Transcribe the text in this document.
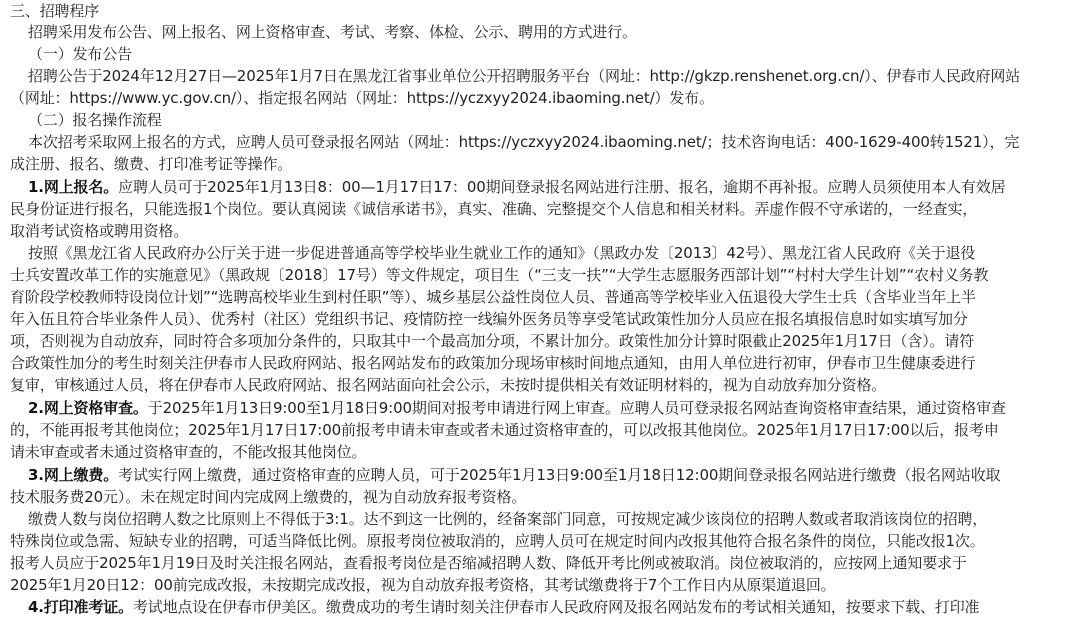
三、招聘程序
招聘采用发布公告、网上报名、网上资格审查、考试、考察、体检、公示、聘用的方式进行。
（一）发布公告
招聘公告于2024年12月27日—2025年1月7日在黑龙江省事业单位公开招聘服务平台（网址：http://gkzp.renshenet.org.cn/）、伊春市人民政府网站
（网址：https://www.yc.gov.cn/）、指定报名网站（网址：https://yczxyy2024.ibaoming.net/）发布。
（二）报名操作流程
本次招考采取网上报名的方式，应聘人员可登录报名网站（网址：https://yczxyy2024.ibaoming.net/；技术咨询电话：400-1629-400转1521），完
成注册、报名、缴费、打印准考证等操作。
1.网上报名。应聘人员可于2025年1月13日8：00—1月17日17：00期间登录报名网站进行注册、报名，逾期不再补报。应聘人员须使用本人有效居
民身份证进行报名，只能选报1个岗位。要认真阅读《诚信承诺书》，真实、准确、完整提交个人信息和相关材料。弄虚作假不守承诺的，一经查实，
取消考试资格或聘用资格。
按照《黑龙江省人民政府办公厅关于进一步促进普通高等学校毕业生就业工作的通知》（黑政办发〔2013〕42号）、黑龙江省人民政府《关于退役
士兵安置改革工作的实施意见》（黑政规〔2018〕17号）等文件规定，项目生（“三支一扶”“大学生志愿服务西部计划”“村村大学生计划”“农村义务教
育阶段学校教师特设岗位计划”“选聘高校毕业生到村任职”等）、城乡基层公益性岗位人员、普通高等学校毕业入伍退役大学生士兵（含毕业当年上半
年入伍且符合毕业条件人员）、优秀村（社区）党组织书记、疫情防控一线编外医务员等享受笔试政策性加分人员应在报名填报信息时如实填写加分
项，否则视为自动放弃，同时符合多项加分条件的，只取其中一个最高加分项，不累计加分。政策性加分计算时限截止2025年1月17日（含）。请符
合政策性加分的考生时刻关注伊春市人民政府网站、报名网站发布的政策加分现场审核时间地点通知，由用人单位进行初审，伊春市卫生健康委进行
复审，审核通过人员，将在伊春市人民政府网站、报名网站面向社会公示，未按时提供相关有效证明材料的，视为自动放弃加分资格。
2.网上资格审查。于2025年1月13日9:00至1月18日9:00期间对报考申请进行网上审查。应聘人员可登录报名网站查询资格审查结果，通过资格审查
的，不能再报考其他岗位；2025年1月17日17:00前报考申请未审查或者未通过资格审查的，可以改报其他岗位。2025年1月17日17:00以后，报考申
请未审查或者未通过资格审查的，不能改报其他岗位。
3.网上缴费。考试实行网上缴费，通过资格审查的应聘人员，可于2025年1月13日9:00至1月18日12:00期间登录报名网站进行缴费（报名网站收取
技术服务费20元）。未在规定时间内完成网上缴费的，视为自动放弃报考资格。
缴费人数与岗位招聘人数之比原则上不得低于3:1。达不到这一比例的，经备案部门同意，可按规定减少该岗位的招聘人数或者取消该岗位的招聘，
特殊岗位或急需、短缺专业的招聘，可适当降低比例。原报考岗位被取消的，应聘人员可在规定时间内改报其他符合报名条件的岗位，只能改报1次。
报考人员应于2025年1月19日及时关注报名网站，查看报考岗位是否缩减招聘人数、降低开考比例或被取消。岗位被取消的，应按网上通知要求于
2025年1月20日12：00前完成改报，未按期完成改报，视为自动放弃报考资格，其考试缴费将于7个工作日内从原渠道退回。
4.打印准考证。考试地点设在伊春市伊美区。缴费成功的考生请时刻关注伊春市人民政府网及报名网站发布的考试相关通知，按要求下载、打印准
